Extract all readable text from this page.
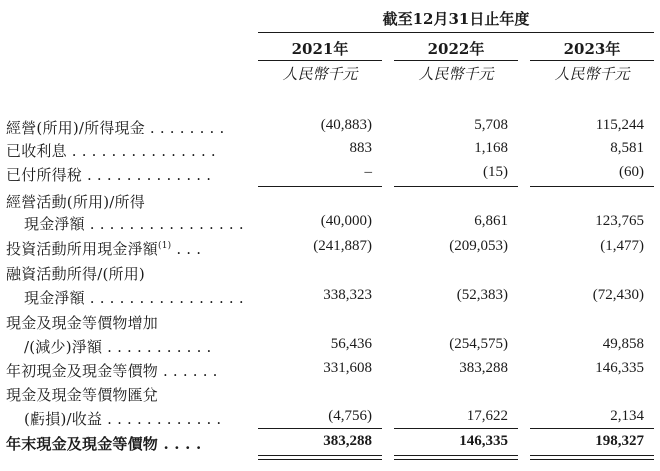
截至12月31日止年度
2021年	2022年	2023年
人民幣千元	人民幣千元	人民幣千元
經營(所用)/所得現金 . . . . . . . .	(40,883)	5,708	115,244
已收利息 . . . . . . . . . . . . . . .	883	1,168	8,581
已付所得稅 . . . . . . . . . . . . .	–	(15)	(60)
經營活動(所用)/所得
現金淨額 . . . . . . . . . . . . . . . .	(40,000)	6,861	123,765
投資活動所用現金淨額$^{(1)}$ . . .	(241,887)	(209,053)	(1,477)
融資活動所得/(所用)
現金淨額 . . . . . . . . . . . . . . . .	338,323	(52,383)	(72,430)
現金及現金等價物增加
/(減少)淨額 . . . . . . . . . . .	56,436	(254,575)	49,858
年初現金及現金等價物 . . . . . .	331,608	383,288	146,335
現金及現金等價物匯兌
(虧損)/收益 . . . . . . . . . . . .	(4,756)	17,622	2,134
年末現金及現金等價物 . . . .	383,288	146,335	198,327
